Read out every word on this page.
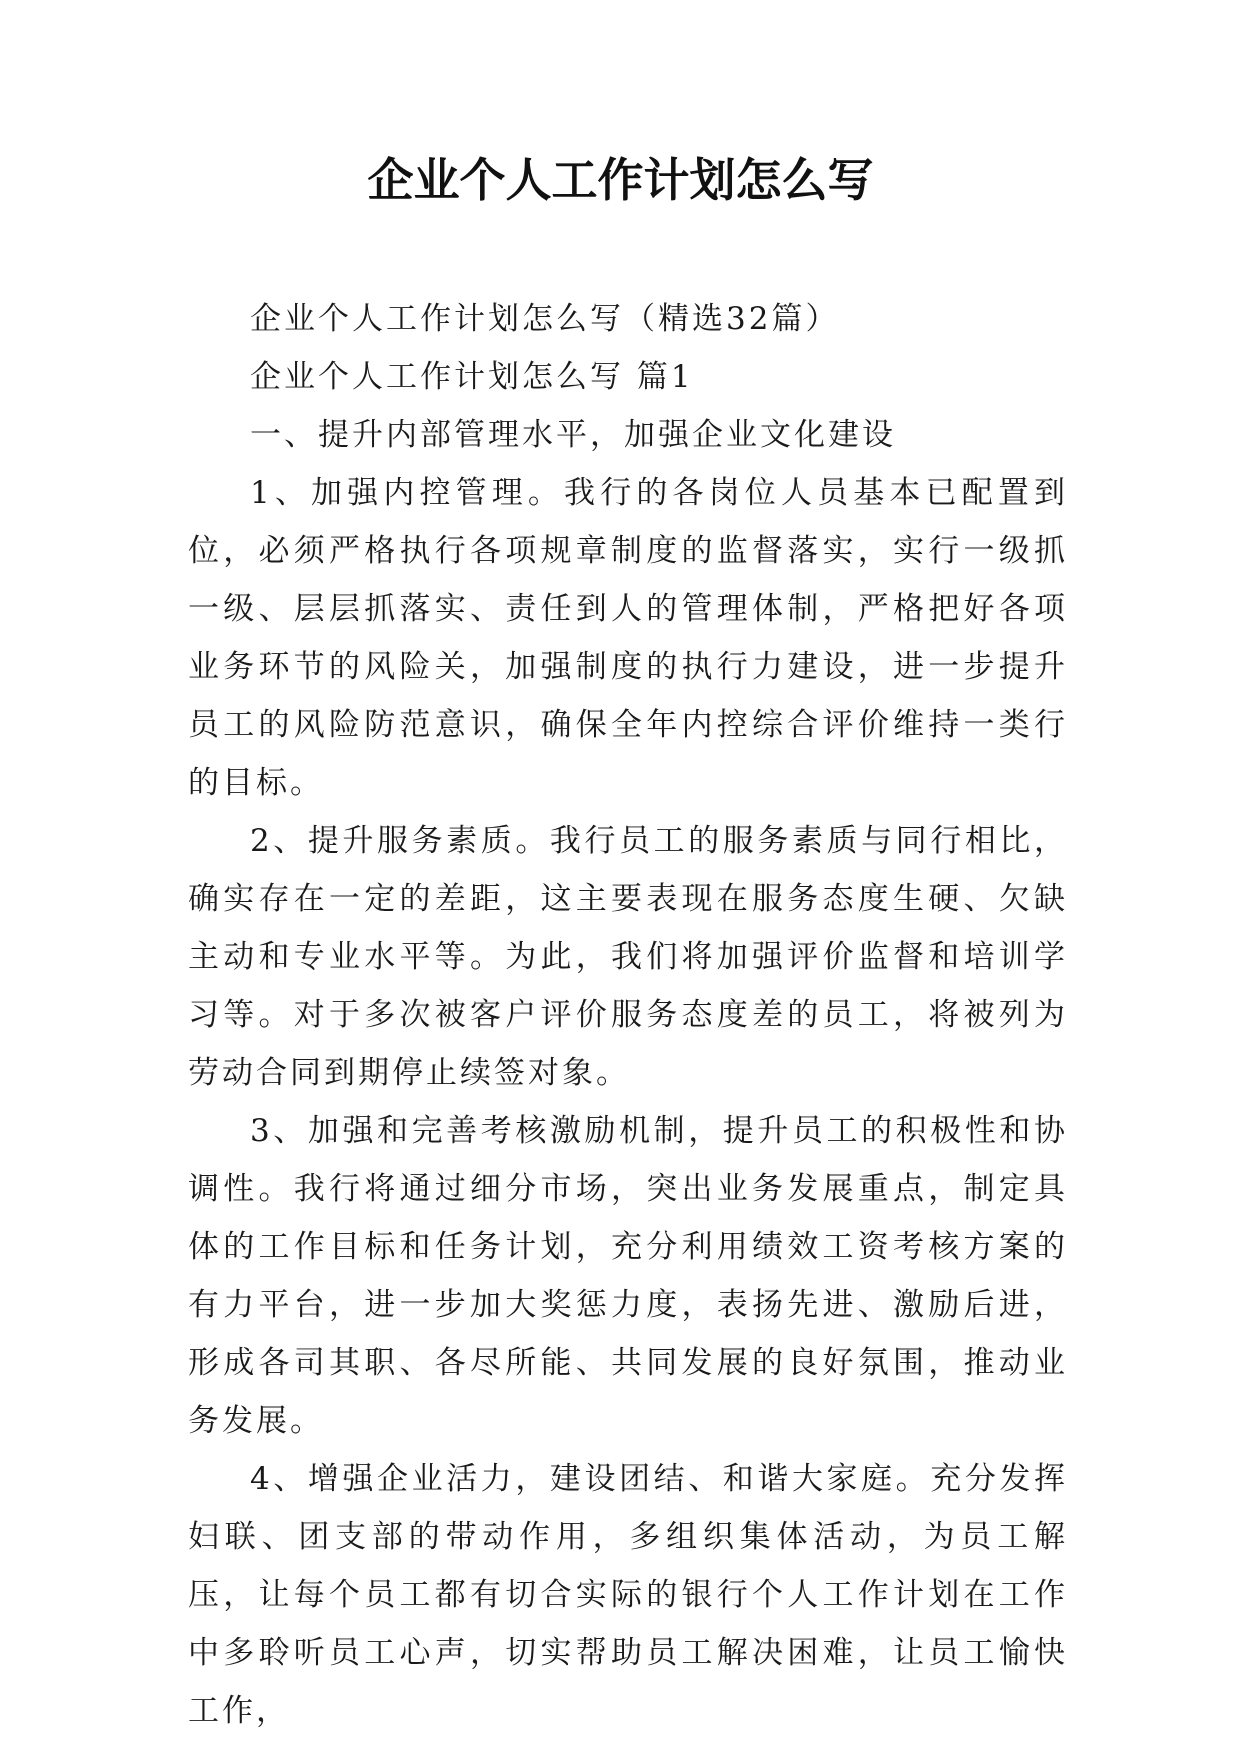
企业个人工作计划怎么写

企业个人工作计划怎么写（精选32篇）

企业个人工作计划怎么写 篇1

一、提升内部管理水平，加强企业文化建设

1、加强内控管理。我行的各岗位人员基本已配置到位，必须严格执行各项规章制度的监督落实，实行一级抓一级、层层抓落实、责任到人的管理体制，严格把好各项业务环节的风险关，加强制度的执行力建设，进一步提升员工的风险防范意识，确保全年内控综合评价维持一类行的目标。

2、提升服务素质。我行员工的服务素质与同行相比，确实存在一定的差距，这主要表现在服务态度生硬、欠缺主动和专业水平等。为此，我们将加强评价监督和培训学习等。对于多次被客户评价服务态度差的员工，将被列为劳动合同到期停止续签对象。

3、加强和完善考核激励机制，提升员工的积极性和协调性。我行将通过细分市场，突出业务发展重点，制定具体的工作目标和任务计划，充分利用绩效工资考核方案的有力平台，进一步加大奖惩力度，表扬先进、激励后进，形成各司其职、各尽所能、共同发展的良好氛围，推动业务发展。

4、增强企业活力，建设团结、和谐大家庭。充分发挥妇联、团支部的带动作用，多组织集体活动，为员工解压，让每个员工都有切合实际的银行个人工作计划在工作中多聆听员工心声，切实帮助员工解决困难，让员工愉快工作，
